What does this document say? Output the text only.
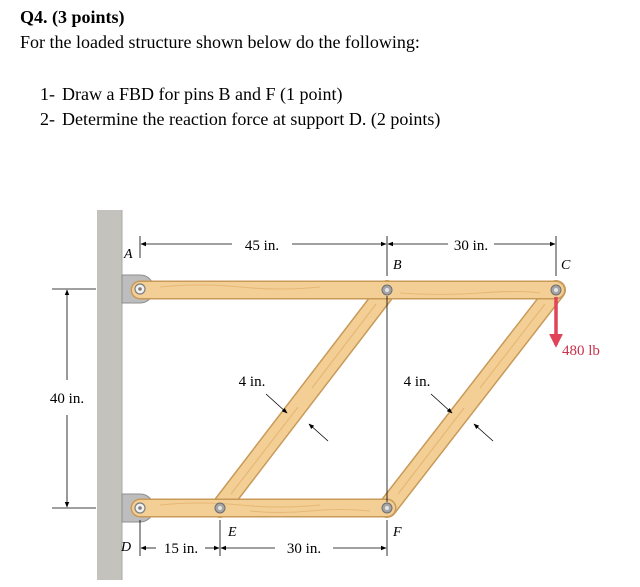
Q4. (3 points)
For the loaded structure shown below do the following:
1- Draw a FBD for pins B and F (1 point)
2- Determine the reaction force at support D. (2 points)
45 in.	30 in.
A
B	C
D
E	F
40 in.
15 in.	30 in.
4 in.	4 in.
480 lb
